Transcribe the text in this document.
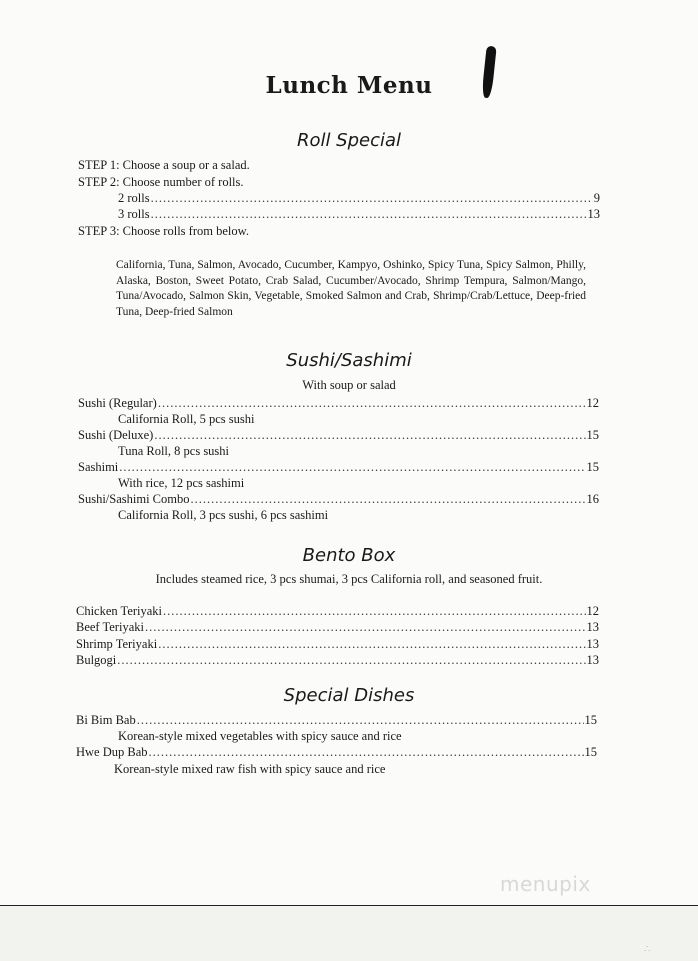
Lunch Menu
Roll Special
STEP 1: Choose a soup or a salad.
STEP 2: Choose number of rolls.
2 rolls .....	9
3 rolls .....	13
STEP 3: Choose rolls from below.
California, Tuna, Salmon, Avocado, Cucumber, Kampyo, Oshinko, Spicy Tuna, Spicy Salmon, Philly, Alaska, Boston, Sweet Potato, Crab Salad, Cucumber/Avocado, Shrimp Tempura, Salmon/Mango, Tuna/Avocado, Salmon Skin, Vegetable, Smoked Salmon and Crab, Shrimp/Crab/Lettuce, Deep-fried Tuna, Deep-fried Salmon
Sushi/Sashimi
With soup or salad
Sushi (Regular) .....	12
California Roll, 5 pcs sushi
Sushi (Deluxe) .....	15
Tuna Roll, 8 pcs sushi
Sashimi .....	15
With rice, 12 pcs sashimi
Sushi/Sashimi Combo .....	16
California Roll, 3 pcs sushi, 6 pcs sashimi
Bento Box
Includes steamed rice, 3 pcs shumai, 3 pcs California roll, and seasoned fruit.
Chicken Teriyaki .....	12
Beef Teriyaki .....	13
Shrimp Teriyaki .....	13
Bulgogi .....	13
Special Dishes
Bi Bim Bab .....	15
Korean-style mixed vegetables with spicy sauce and rice
Hwe Dup Bab .....	15
Korean-style mixed raw fish with spicy sauce and rice
menupix
∴
